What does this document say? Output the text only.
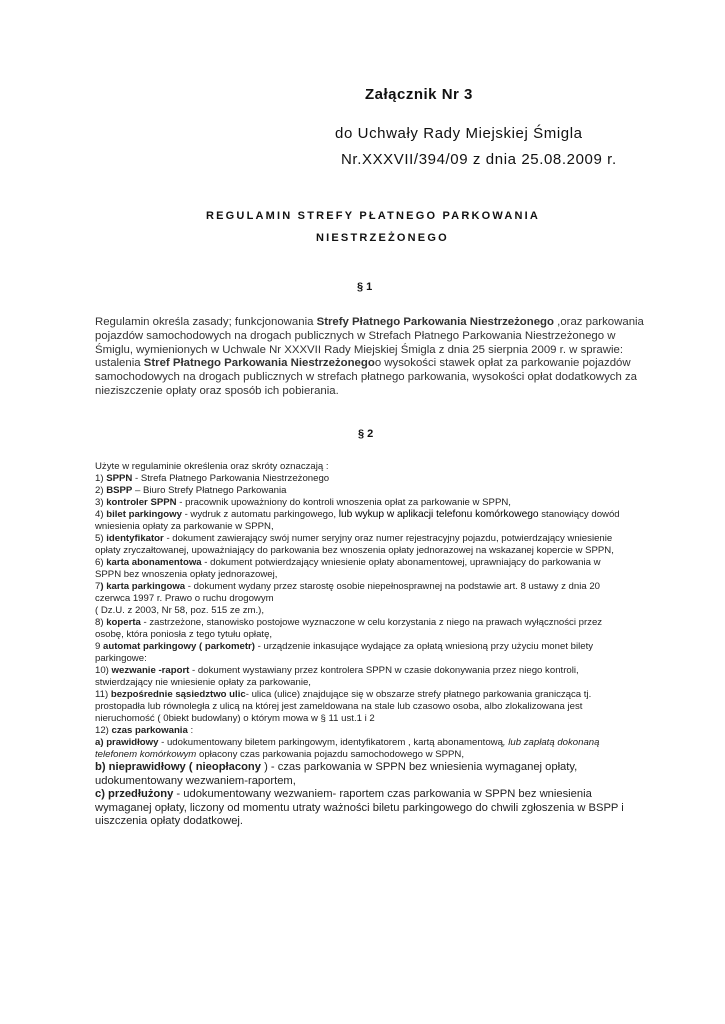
Załącznik Nr 3
do Uchwały Rady Miejskiej Śmigla
Nr.XXXVII/394/09 z dnia 25.08.2009 r.
REGULAMIN STREFY PŁATNEGO PARKOWANIA
NIESTRZEŻONEGO
§ 1
Regulamin określa zasady; funkcjonowania Strefy Płatnego Parkowania Niestrzeżonego ,oraz parkowania
pojazdów samochodowych na drogach publicznych w Strefach Płatnego Parkowania Niestrzeżonego w
Śmiglu, wymienionych w Uchwale Nr XXXVII Rady Miejskiej Śmigla z dnia 25 sierpnia 2009 r. w sprawie:
ustalenia Stref Płatnego Parkowania Niestrzeżonegoo wysokości stawek opłat za parkowanie pojazdów
samochodowych na drogach publicznych w strefach płatnego parkowania, wysokości opłat dodatkowych za
nieziszczenie opłaty oraz sposób ich pobierania.
§ 2
Użyte w regulaminie określenia oraz skróty oznaczają :
1) SPPN - Strefa Płatnego Parkowania Niestrzeżonego
2) BSPP – Biuro Strefy Płatnego Parkowania
3) kontroler SPPN - pracownik upoważniony do kontroli wnoszenia opłat za parkowanie w SPPN,
4) bilet parkingowy - wydruk z automatu parkingowego, lub wykup w aplikacji telefonu komórkowego stanowiący dowód
wniesienia opłaty za parkowanie w SPPN,
5) identyfikator - dokument zawierający swój numer seryjny oraz numer rejestracyjny pojazdu, potwierdzający wniesienie
opłaty zryczałtowanej, upoważniający do parkowania bez wnoszenia opłaty jednorazowej na wskazanej kopercie w SPPN,
6) karta abonamentowa - dokument potwierdzający wniesienie opłaty abonamentowej, uprawniający do parkowania w
SPPN bez wnoszenia opłaty jednorazowej,
7) karta parkingowa - dokument wydany przez starostę osobie niepełnosprawnej na podstawie art. 8 ustawy z dnia 20
czerwca 1997 r. Prawo o ruchu drogowym
( Dz.U. z 2003, Nr 58, poz. 515 ze zm.),
8) koperta - zastrzeżone, stanowisko postojowe wyznaczone w celu korzystania z niego na prawach wyłączności przez
osobę, która poniosła z tego tytułu opłatę,
9 automat parkingowy ( parkometr) - urządzenie inkasujące wydające za opłatą wniesioną przy użyciu monet bilety
parkingowe:
10) wezwanie -raport - dokument wystawiany przez kontrolera SPPN w czasie dokonywania przez niego kontroli,
stwierdzający nie wniesienie opłaty za parkowanie,
11) bezpośrednie sąsiedztwo ulic- ulica (ulice) znajdujące się w obszarze strefy płatnego parkowania granicząca tj.
prostopadła lub równoległa z ulicą na której jest zameldowana na stale lub czasowo osoba, albo zlokalizowana jest
nieruchomość ( 0biekt budowlany) o którym mowa w § 11 ust.1 i 2
12) czas parkowania :
a) prawidłowy - udokumentowany biletem parkingowym, identyfikatorem , kartą abonamentową, lub zapłatą dokonaną
telefonem komórkowym opłacony czas parkowania pojazdu samochodowego w SPPN,
b) nieprawidłowy ( nieopłacony ) - czas parkowania w SPPN bez wniesienia wymaganej opłaty,
udokumentowany wezwaniem-raportem,
c) przedłużony - udokumentowany wezwaniem- raportem czas parkowania w SPPN bez wniesienia
wymaganej opłaty, liczony od momentu utraty ważności biletu parkingowego do chwili zgłoszenia w BSPP i
uiszczenia opłaty dodatkowej.
